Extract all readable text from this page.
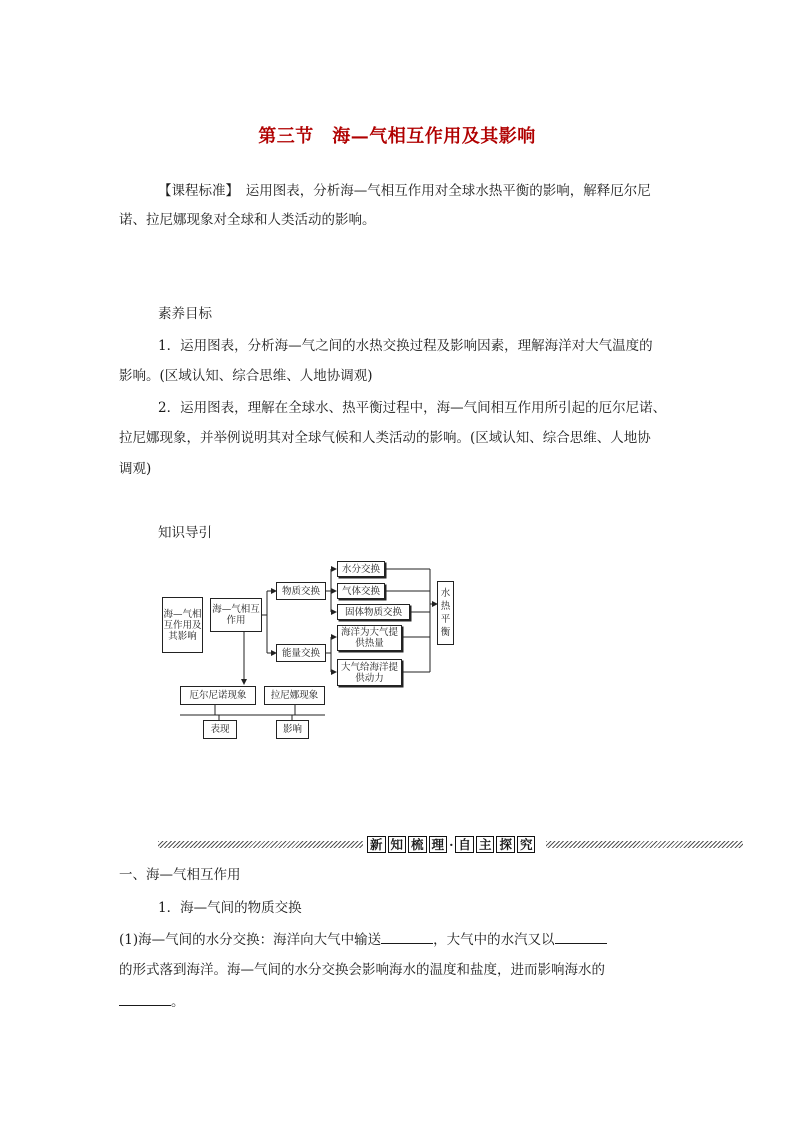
第三节　海—气相互作用及其影响
【课程标准】　运用图表，分析海—气相互作用对全球水热平衡的影响，解释厄尔尼
诺、拉尼娜现象对全球和人类活动的影响。
素养目标
1．运用图表，分析海—气之间的水热交换过程及影响因素，理解海洋对大气温度的
影响。(区域认知、综合思维、人地协调观)
2．运用图表，理解在全球水、热平衡过程中，海—气间相互作用所引起的厄尔尼诺、
拉尼娜现象，并举例说明其对全球气候和人类活动的影响。(区域认知、综合思维、人地协
调观)
知识导引
海—气相互作用及其影响
海—气相互作用
物质交换
能量交换
水分交换
气体交换
固体物质交换
海洋为大气提供热量
大气给海洋提供动力
水热平衡
厄尔尼诺现象	拉尼娜现象
表现	影响
新 知 梳 理 · 自 主 探 究
一、海—气相互作用
1．海—气间的物质交换
(1)海—气间的水分交换：海洋向大气中输送	，大气中的水汽又以
的形式落到海洋。海—气间的水分交换会影响海水的温度和盐度，进而影响海水的
。
